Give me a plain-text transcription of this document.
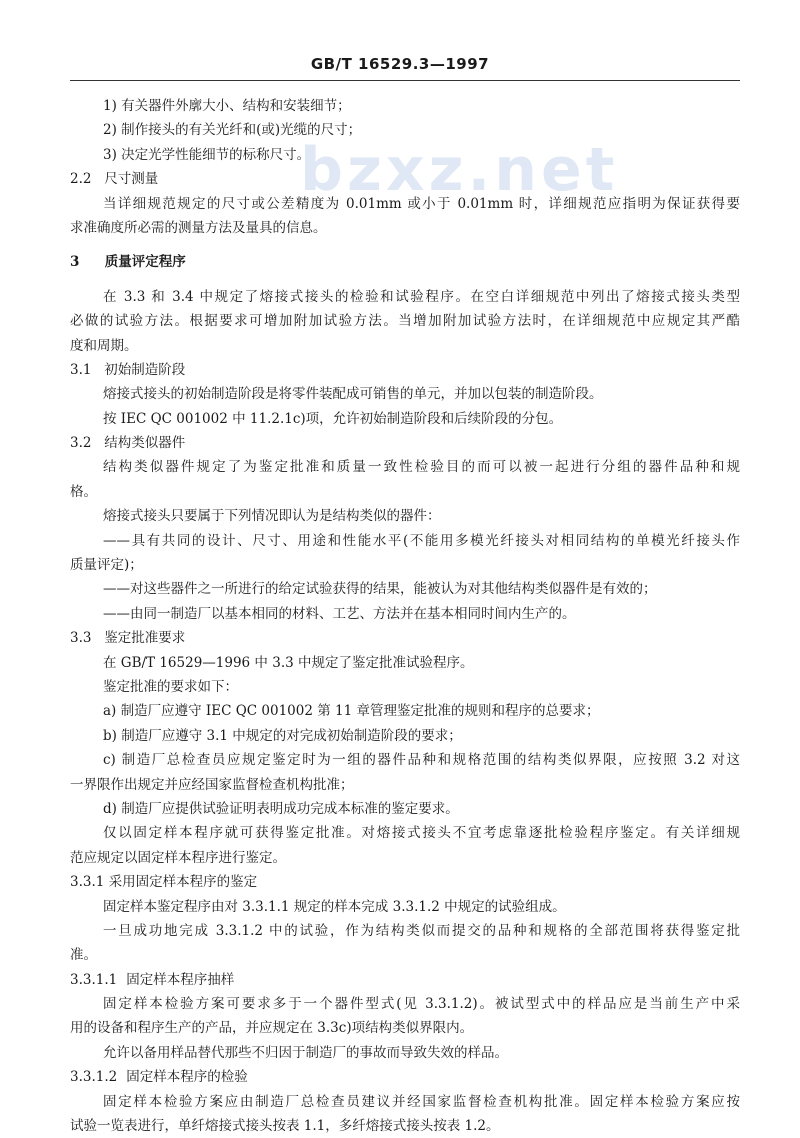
GB/T 16529.3—1997
bzxz.net
1) 有关器件外廓大小、结构和安装细节；
2) 制作接头的有关光纤和(或)光缆的尺寸；
3) 决定光学性能细节的标称尺寸。
2.2 尺寸测量
当详细规范规定的尺寸或公差精度为 0.01mm 或小于 0.01mm 时，详细规范应指明为保证获得要
求准确度所必需的测量方法及量具的信息。
3 质量评定程序
在 3.3 和 3.4 中规定了熔接式接头的检验和试验程序。在空白详细规范中列出了熔接式接头类型
必做的试验方法。根据要求可增加附加试验方法。当增加附加试验方法时，在详细规范中应规定其严酷
度和周期。
3.1 初始制造阶段
熔接式接头的初始制造阶段是将零件装配成可销售的单元，并加以包装的制造阶段。
按 IEC QC 001002 中 11.2.1c)项，允许初始制造阶段和后续阶段的分包。
3.2 结构类似器件
结构类似器件规定了为鉴定批准和质量一致性检验目的而可以被一起进行分组的器件品种和规
格。
熔接式接头只要属于下列情况即认为是结构类似的器件：
——具有共同的设计、尺寸、用途和性能水平(不能用多模光纤接头对相同结构的单模光纤接头作
质量评定)；
——对这些器件之一所进行的给定试验获得的结果，能被认为对其他结构类似器件是有效的；
——由同一制造厂以基本相同的材料、工艺、方法并在基本相同时间内生产的。
3.3 鉴定批准要求
在 GB/T 16529—1996 中 3.3 中规定了鉴定批准试验程序。
鉴定批准的要求如下：
a) 制造厂应遵守 IEC QC 001002 第 11 章管理鉴定批准的规则和程序的总要求；
b) 制造厂应遵守 3.1 中规定的对完成初始制造阶段的要求；
c) 制造厂总检查员应规定鉴定时为一组的器件品种和规格范围的结构类似界限，应按照 3.2 对这
一界限作出规定并应经国家监督检查机构批准；
d) 制造厂应提供试验证明表明成功完成本标准的鉴定要求。
仅以固定样本程序就可获得鉴定批准。对熔接式接头不宜考虑靠逐批检验程序鉴定。有关详细规
范应规定以固定样本程序进行鉴定。
3.3.1 采用固定样本程序的鉴定
固定样本鉴定程序由对 3.3.1.1 规定的样本完成 3.3.1.2 中规定的试验组成。
一旦成功地完成 3.3.1.2 中的试验，作为结构类似而提交的品种和规格的全部范围将获得鉴定批
准。
3.3.1.1 固定样本程序抽样
固定样本检验方案可要求多于一个器件型式(见 3.3.1.2)。被试型式中的样品应是当前生产中采
用的设备和程序生产的产品，并应规定在 3.3c)项结构类似界限内。
允许以备用样品替代那些不归因于制造厂的事故而导致失效的样品。
3.3.1.2 固定样本程序的检验
固定样本检验方案应由制造厂总检查员建议并经国家监督检查机构批准。固定样本检验方案应按
试验一览表进行，单纤熔接式接头按表 1.1，多纤熔接式接头按表 1.2。
